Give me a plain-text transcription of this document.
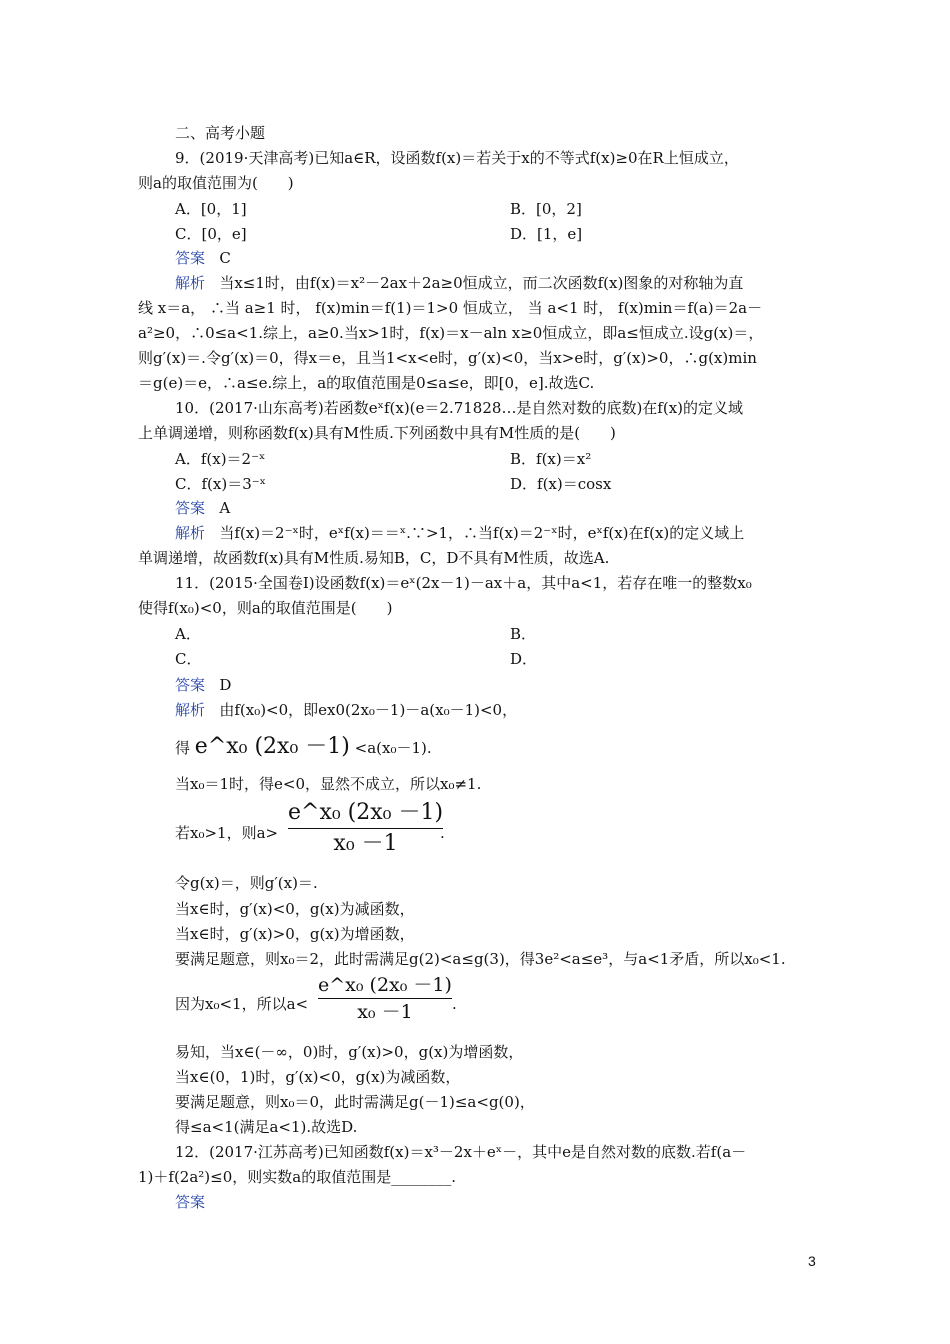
二、高考小题
9．(2019·天津高考)已知a∈R，设函数f(x)＝若关于x的不等式f(x)≥0在R上恒成立，
则a的取值范围为(　　)
A．[0，1]	B．[0，2]
C．[0，e]	D．[1，e]
答案 C
解析 当x≤1时，由f(x)＝x²－2ax＋2a≥0恒成立，而二次函数f(x)图象的对称轴为直
线 x＝a， ∴当 a≥1 时， f(x)min＝f(1)＝1>0 恒成立， 当 a<1 时， f(x)min＝f(a)＝2a－
a²≥0，∴0≤a<1.综上，a≥0.当x>1时，f(x)＝x－aln x≥0恒成立，即a≤恒成立.设g(x)＝，
则g′(x)＝.令g′(x)＝0，得x＝e，且当1<x<e时，g′(x)<0，当x>e时，g′(x)>0，∴g(x)min
＝g(e)＝e，∴a≤e.综上，a的取值范围是0≤a≤e，即[0，e].故选C.
10．(2017·山东高考)若函数eˣf(x)(e＝2.71828…是自然对数的底数)在f(x)的定义域
上单调递增，则称函数f(x)具有M性质.下列函数中具有M性质的是(　　)
A．f(x)＝2⁻ˣ	B．f(x)＝x²
C．f(x)＝3⁻ˣ	D．f(x)＝cosx
答案 A
解析 当f(x)＝2⁻ˣ时，eˣf(x)＝＝ˣ.∵>1，∴当f(x)＝2⁻ˣ时，eˣf(x)在f(x)的定义域上
单调递增，故函数f(x)具有M性质.易知B，C，D不具有M性质，故选A.
11．(2015·全国卷Ⅰ)设函数f(x)＝eˣ(2x－1)－ax＋a，其中a<1，若存在唯一的整数x₀
使得f(x₀)<0，则a的取值范围是(　　)
A．	B．
C．	D．
答案 D
解析 由f(x₀)<0，即ex0(2x₀－1)－a(x₀－1)<0，
得 e^x₀ (2x₀ －1) <a(x₀－1).
当x₀＝1时，得e<0，显然不成立，所以x₀≠1.
若x₀>1，则a>
e^x₀ (2x₀ －1)
x₀ －1	.
令g(x)＝，则g′(x)＝.
当x∈时，g′(x)<0，g(x)为减函数，
当x∈时，g′(x)>0，g(x)为增函数，
要满足题意，则x₀＝2，此时需满足g(2)<a≤g(3)，得3e²<a≤e³，与a<1矛盾，所以x₀<1.
因为x₀<1，所以a<
e^x₀ (2x₀ －1)
x₀ －1	.
易知，当x∈(－∞，0)时，g′(x)>0，g(x)为增函数，
当x∈(0，1)时，g′(x)<0，g(x)为减函数，
要满足题意，则x₀＝0，此时需满足g(－1)≤a<g(0)，
得≤a<1(满足a<1).故选D.
12．(2017·江苏高考)已知函数f(x)＝x³－2x＋eˣ－，其中e是自然对数的底数.若f(a－
1)＋f(2a²)≤0，则实数a的取值范围是________.
答案
3
